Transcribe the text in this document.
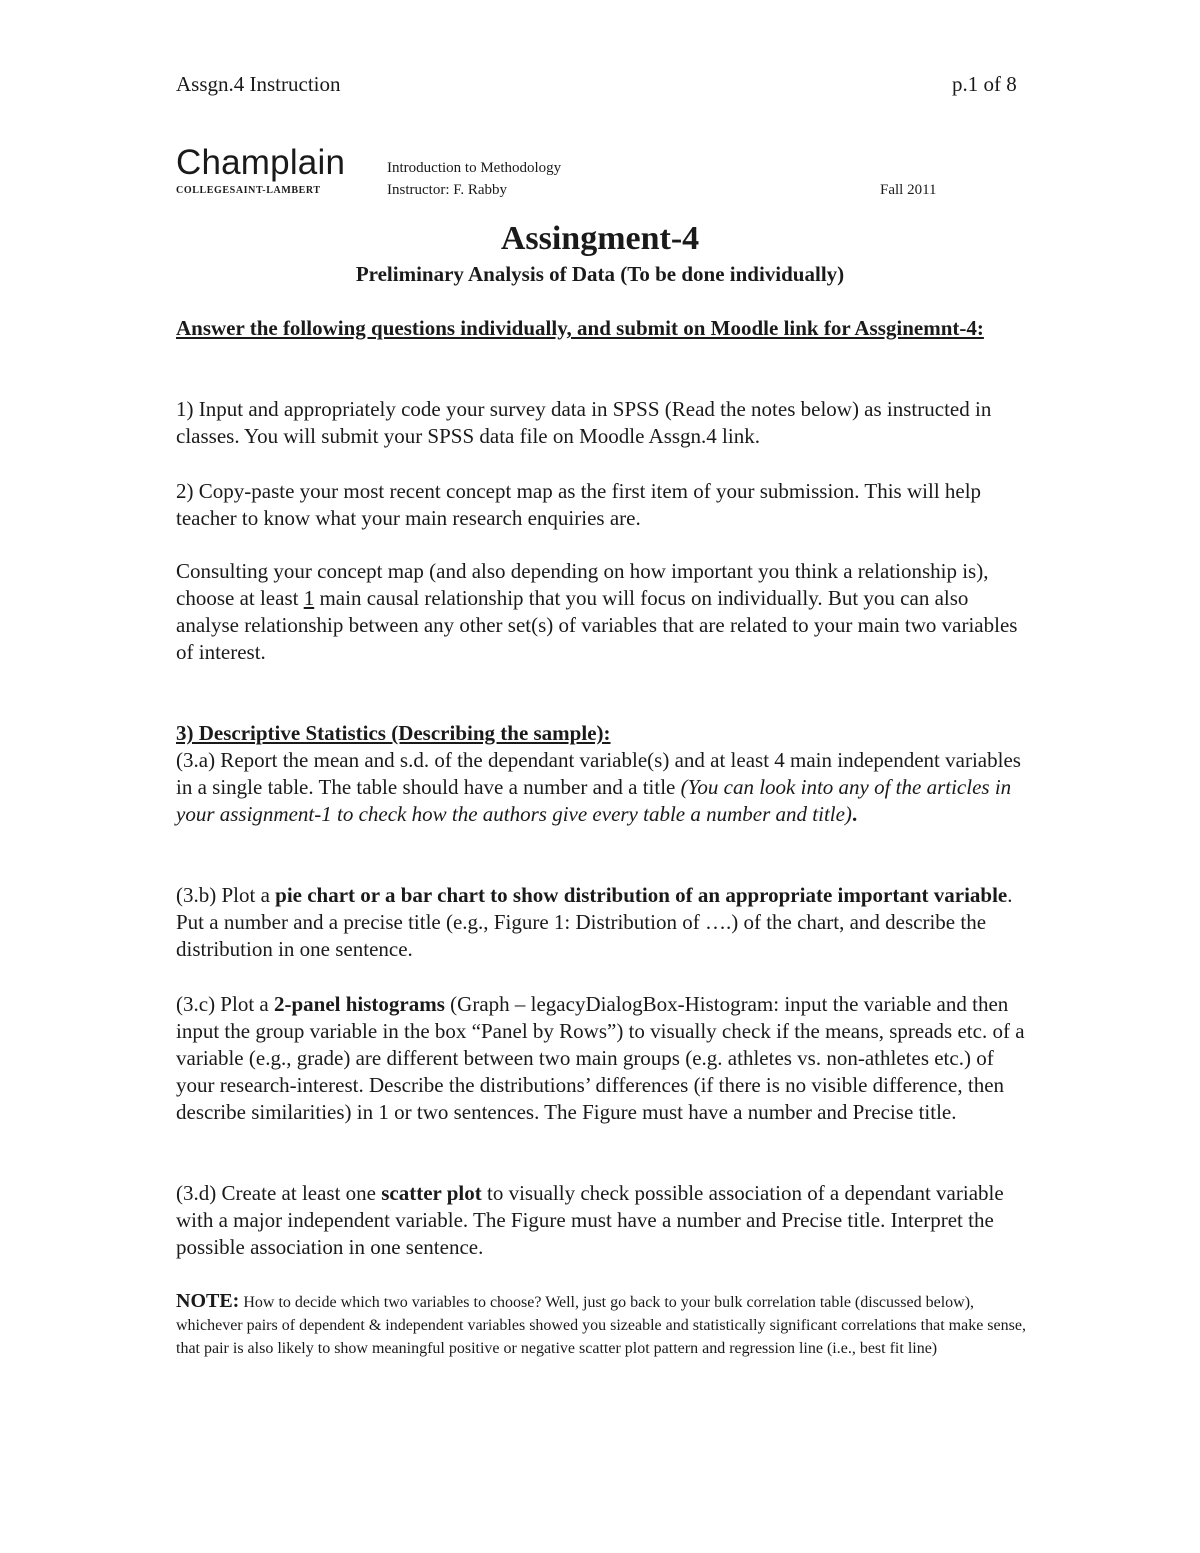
Assgn.4 Instruction	p.1 of 8
Champlain
COLLEGESAINT-LAMBERT
Introduction to Methodology
Instructor: F. Rabby	Fall 2011
Assingment-4
Preliminary Analysis of Data (To be done individually)
Answer the following questions individually, and submit on Moodle link for Assginemnt-4:
1) Input and appropriately code your survey data in SPSS (Read the notes below) as instructed in classes. You will submit your SPSS data file on Moodle Assgn.4 link.
2) Copy-paste your most recent concept map as the first item of your submission. This will help teacher to know what your main research enquiries are.
Consulting your concept map (and also depending on how important you think a relationship is), choose at least 1 main causal relationship that you will focus on individually. But you can also analyse relationship between any other set(s) of variables that are related to your main two variables of interest.
3) Descriptive Statistics (Describing the sample):
(3.a) Report the mean and s.d. of the dependant variable(s) and at least 4 main independent variables in a single table. The table should have a number and a title (You can look into any of the articles in your assignment-1 to check how the authors give every table a number and title).
(3.b) Plot a pie chart or a bar chart to show distribution of an appropriate important variable. Put a number and a precise title (e.g., Figure 1: Distribution of ….) of the chart, and describe the distribution in one sentence.
(3.c) Plot a 2-panel histograms (Graph – legacyDialogBox-Histogram: input the variable and then input the group variable in the box “Panel by Rows”) to visually check if the means, spreads etc. of a variable (e.g., grade) are different between two main groups (e.g. athletes vs. non-athletes etc.) of your research-interest. Describe the distributions’ differences (if there is no visible difference, then describe similarities) in 1 or two sentences. The Figure must have a number and Precise title.
(3.d) Create at least one scatter plot to visually check possible association of a dependant variable with a major independent variable. The Figure must have a number and Precise title. Interpret the possible association in one sentence.
NOTE: How to decide which two variables to choose? Well, just go back to your bulk correlation table (discussed below), whichever pairs of dependent & independent variables showed you sizeable and statistically significant correlations that make sense, that pair is also likely to show meaningful positive or negative scatter plot pattern and regression line (i.e., best fit line)
